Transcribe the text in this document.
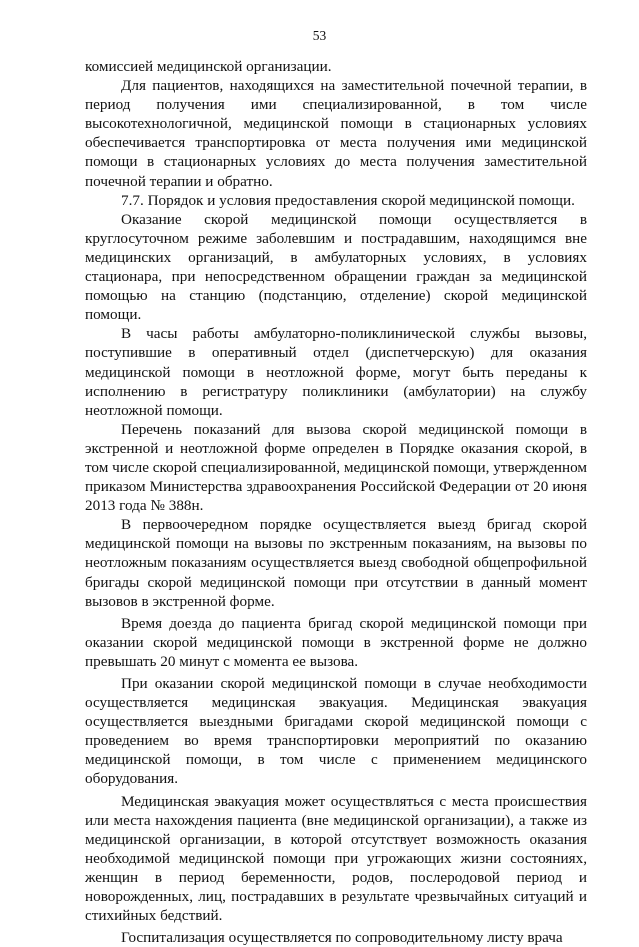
53

комиссией медицинской организации.

Для пациентов, находящихся на заместительной почечной терапии, в период получения ими специализированной, в том числе высокотехнологичной, медицинской помощи в стационарных условиях обеспечивается транспортировка от места получения ими медицинской помощи в стационарных условиях до места получения заместительной почечной терапии и обратно.

7.7. Порядок и условия предоставления скорой медицинской помощи.

Оказание скорой медицинской помощи осуществляется в круглосуточном режиме заболевшим и пострадавшим, находящимся вне медицинских организаций, в амбулаторных условиях, в условиях стационара, при непосредственном обращении граждан за медицинской помощью на станцию (подстанцию, отделение) скорой медицинской помощи.

В часы работы амбулаторно-поликлинической службы вызовы, поступившие в оперативный отдел (диспетчерскую) для оказания медицинской помощи в неотложной форме, могут быть переданы к исполнению в регистратуру поликлиники (амбулатории) на службу неотложной помощи.

Перечень показаний для вызова скорой медицинской помощи в экстренной и неотложной форме определен в Порядке оказания скорой, в том числе скорой специализированной, медицинской помощи, утвержденном приказом Министерства здравоохранения Российской Федерации от 20 июня 2013 года № 388н.

В первоочередном порядке осуществляется выезд бригад скорой медицинской помощи на вызовы по экстренным показаниям, на вызовы по неотложным показаниям осуществляется выезд свободной общепрофильной бригады скорой медицинской помощи при отсутствии в данный момент вызовов в экстренной форме.

Время доезда до пациента бригад скорой медицинской помощи при оказании скорой медицинской помощи в экстренной форме не должно превышать 20 минут с момента ее вызова.

При оказании скорой медицинской помощи в случае необходимости осуществляется медицинская эвакуация. Медицинская эвакуация осуществляется выездными бригадами скорой медицинской помощи с проведением во время транспортировки мероприятий по оказанию медицинской помощи, в том числе с применением медицинского оборудования.

Медицинская эвакуация может осуществляться с места происшествия или места нахождения пациента (вне медицинской организации), а также из медицинской организации, в которой отсутствует возможность оказания необходимой медицинской помощи при угрожающих жизни состояниях, женщин в период беременности, родов, послеродовой период и новорожденных, лиц, пострадавших в результате чрезвычайных ситуаций и стихийных бедствий.

Госпитализация осуществляется по сопроводительному листу врача
